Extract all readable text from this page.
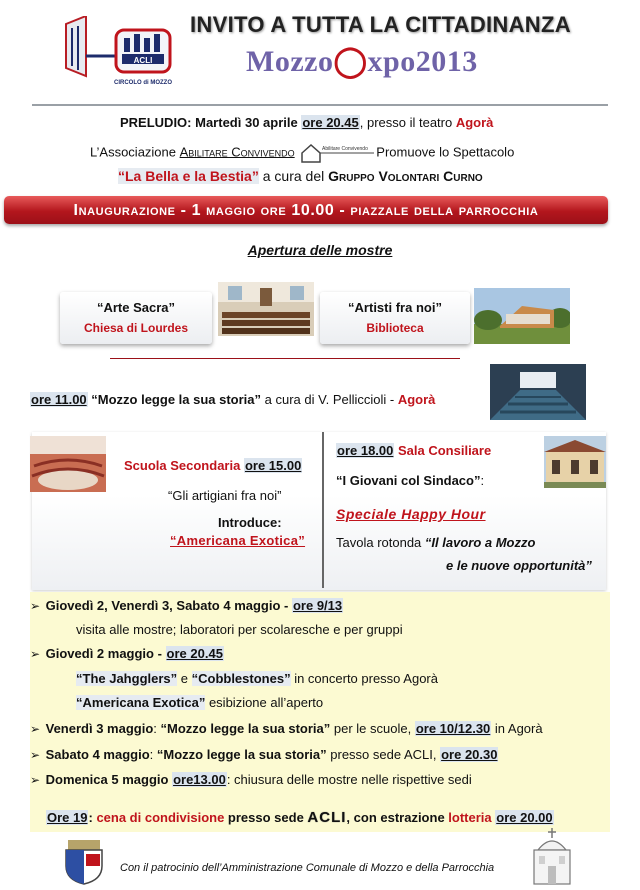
ACLI
CIRCOLO di MOZZO
INVITO A TUTTA LA CITTADINANZA
Mozzo◯xpo2013
PRELUDIO: Martedì 30 aprile ore 20.45, presso il teatro Agorà
L’Associazione Abilitare Convivendo	Abilitare Convivendo Promuove lo Spettacolo
“La Bella e la Bestia” a cura del Gruppo Volontari Curno
Inaugurazione - 1 maggio ore 10.00 - piazzale della parrocchia
Apertura delle mostre
“Arte Sacra”
Chiesa di Lourdes
“Artisti fra noi”
Biblioteca
ore 11.00 “Mozzo legge la sua storia” a cura di V. Pelliccioli - Agorà
Scuola Secondaria ore 15.00
“Gli artigiani fra noi”
Introduce:
“Americana Exotica”
ore 18.00 Sala Consiliare
“I Giovani col Sindaco”:
Speciale Happy Hour
Tavola rotonda “Il lavoro a Mozzo
e le nuove opportunità”
➢ Giovedì 2, Venerdì 3, Sabato 4 maggio - ore 9/13
visita alle mostre; laboratori per scolaresche e per gruppi
➢ Giovedì 2 maggio - ore 20.45
“The Jahgglers” e “Cobblestones” in concerto presso Agorà
“Americana Exotica” esibizione all’aperto
➢ Venerdì 3 maggio: “Mozzo legge la sua storia” per le scuole, ore 10/12.30 in Agorà
➢ Sabato 4 maggio: “Mozzo legge la sua storia” presso sede ACLI, ore 20.30
➢ Domenica 5 maggio ore13.00: chiusura delle mostre nelle rispettive sedi
Ore 19: cena di condivisione presso sede ACLI, con estrazione lotteria ore 20.00
Con il patrocinio dell’Amministrazione Comunale di Mozzo e della Parrocchia
